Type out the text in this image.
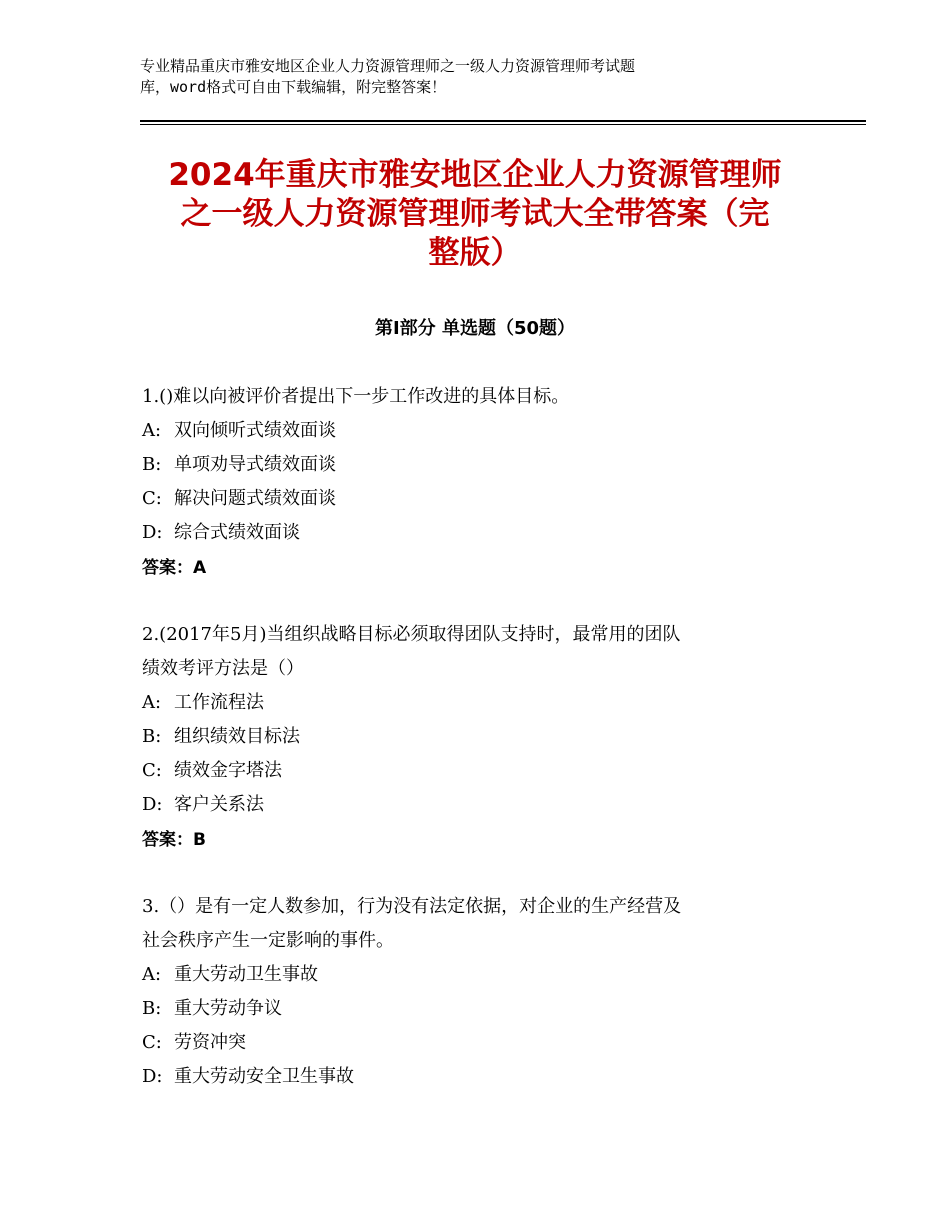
专业精品重庆市雅安地区企业人力资源管理师之一级人力资源管理师考试题
库，word格式可自由下载编辑，附完整答案！
2024年重庆市雅安地区企业人力资源管理师
之一级人力资源管理师考试大全带答案（完
整版）
第Ⅰ部分 单选题（50题）
1.()难以向被评价者提出下一步工作改进的具体目标。
A: 双向倾听式绩效面谈
B: 单项劝导式绩效面谈
C: 解决问题式绩效面谈
D: 综合式绩效面谈
答案：A
2.(2017年5月)当组织战略目标必须取得团队支持时，最常用的团队
绩效考评方法是（）
A: 工作流程法
B: 组织绩效目标法
C: 绩效金字塔法
D: 客户关系法
答案：B
3.（）是有一定人数参加，行为没有法定依据，对企业的生产经营及
社会秩序产生一定影响的事件。
A: 重大劳动卫生事故
B: 重大劳动争议
C: 劳资冲突
D: 重大劳动安全卫生事故
